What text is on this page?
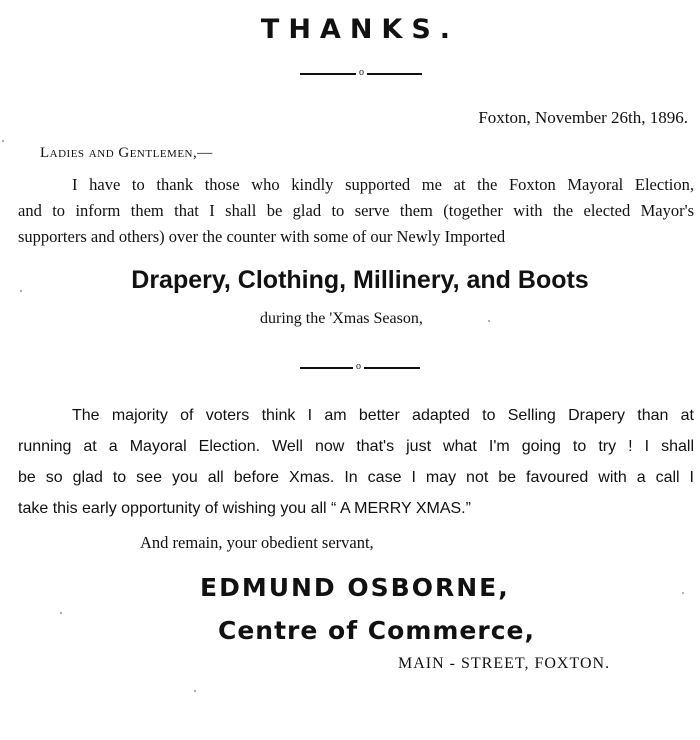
THANKS.
o
Foxton, November 26th, 1896.
Ladies and Gentlemen,—
I have to thank those who kindly supported me at the Foxton Mayoral Election,
and to inform them that I shall be glad to serve them (together with the elected Mayor's
supporters and others) over the counter with some of our Newly Imported
Drapery, Clothing, Millinery, and Boots
during the 'Xmas Season,
o
The majority of voters think I am better adapted to Selling Drapery than at
running at a Mayoral Election. Well now that's just what I'm going to try ! I shall
be so glad to see you all before Xmas. In case I may not be favoured with a call I
take this early opportunity of wishing you all “ A MERRY XMAS.”
And remain, your obedient servant,
EDMUND OSBORNE,
Centre of Commerce,
MAIN - STREET, FOXTON.
